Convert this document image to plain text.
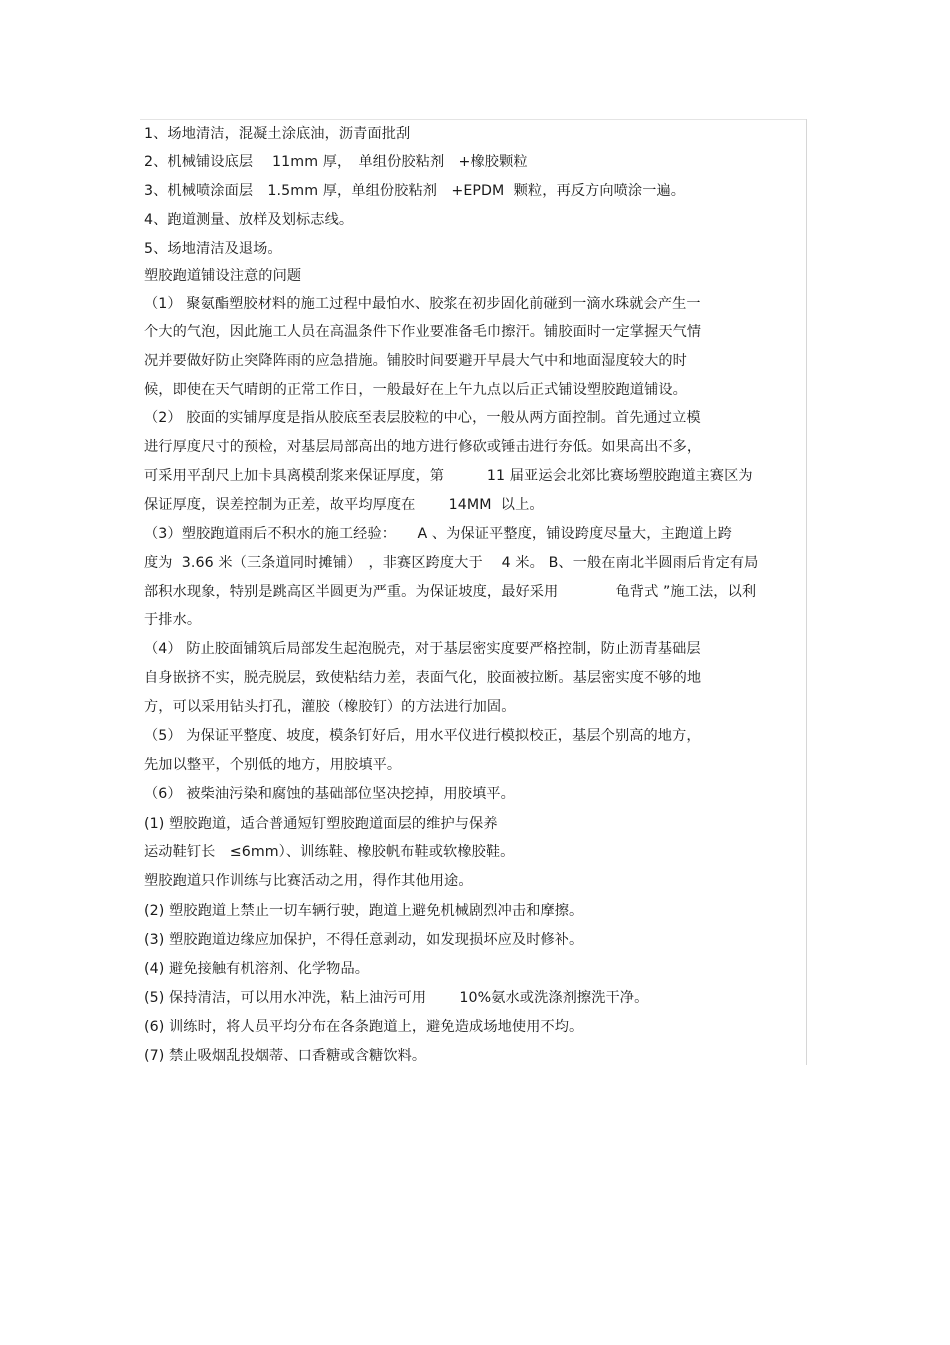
1、场地清洁，混凝土涂底油，沥青面批刮
2、机械铺设底层　 11mm 厚，　单组份胶粘剂　+橡胶颗粒
3、机械喷涂面层　1.5mm 厚，单组份胶粘剂　+EPDM  颗粒，再反方向喷涂一遍。
4、跑道测量、放样及划标志线。
5、场地清洁及退场。
塑胶跑道铺设注意的问题
（1） 聚氨酯塑胶材料的施工过程中最怕水、胶浆在初步固化前碰到一滴水珠就会产生一
个大的气泡，因此施工人员在高温条件下作业要准备毛巾擦汗。铺胶面时一定掌握天气情
况并要做好防止突降阵雨的应急措施。铺胶时间要避开早晨大气中和地面湿度较大的时
候，即使在天气晴朗的正常工作日，一般最好在上午九点以后正式铺设塑胶跑道铺设。
（2） 胶面的实铺厚度是指从胶底至表层胶粒的中心，一般从两方面控制。首先通过立模
进行厚度尺寸的预检，对基层局部高出的地方进行修砍或锤击进行夯低。如果高出不多，
可采用平刮尺上加卡具离模刮浆来保证厚度，第　　　11 届亚运会北郊比赛场塑胶跑道主赛区为
保证厚度，误差控制为正差，故平均厚度在　　 14MM  以上。
（3）塑胶跑道雨后不积水的施工经验：　　A 、为保证平整度，铺设跨度尽量大，主跑道上跨
度为  3.66 米（三条道同时摊铺）　，非赛区跨度大于　 4 米。 B、一般在南北半圆雨后肯定有局
部积水现象，特别是跳高区半圆更为严重。为保证坡度，最好采用　　　　龟背式 ”施工法，以利
于排水。
（4） 防止胶面铺筑后局部发生起泡脱壳，对于基层密实度要严格控制，防止沥青基础层
自身嵌挤不实，脱壳脱层，致使粘结力差，表面气化，胶面被拉断。基层密实度不够的地
方，可以采用钻头打孔，灌胶（橡胶钉）的方法进行加固。
（5） 为保证平整度、坡度，模条钉好后，用水平仪进行模拟校正，基层个别高的地方，
先加以整平，个别低的地方，用胶填平。
（6） 被柴油污染和腐蚀的基础部位坚决挖掉，用胶填平。
(1) 塑胶跑道，适合普通短钉塑胶跑道面层的维护与保养
运动鞋钉长　≤6mm）、训练鞋、橡胶帆布鞋或软橡胶鞋。
塑胶跑道只作训练与比赛活动之用，得作其他用途。
(2) 塑胶跑道上禁止一切车辆行驶，跑道上避免机械剧烈冲击和摩擦。
(3) 塑胶跑道边缘应加保护，不得任意剥动，如发现损坏应及时修补。
(4) 避免接触有机溶剂、化学物品。
(5) 保持清洁，可以用水冲洗，粘上油污可用　　 10%氨水或洗涤剂擦洗干净。
(6) 训练时，将人员平均分布在各条跑道上，避免造成场地使用不均。
(7) 禁止吸烟乱投烟蒂、口香糖或含糖饮料。
